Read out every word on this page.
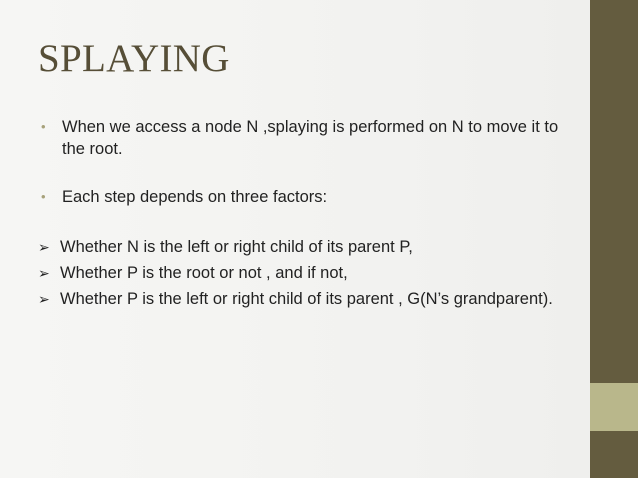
SPLAYING
• When we access a node N ,splaying is performed on N to move it to the root.
• Each step depends on three factors:
➢ Whether N is the left or right child of its parent P,
➢ Whether P is the root or not , and if not,
➢ Whether P is the left or right child of its parent , G(N’s grandparent).
